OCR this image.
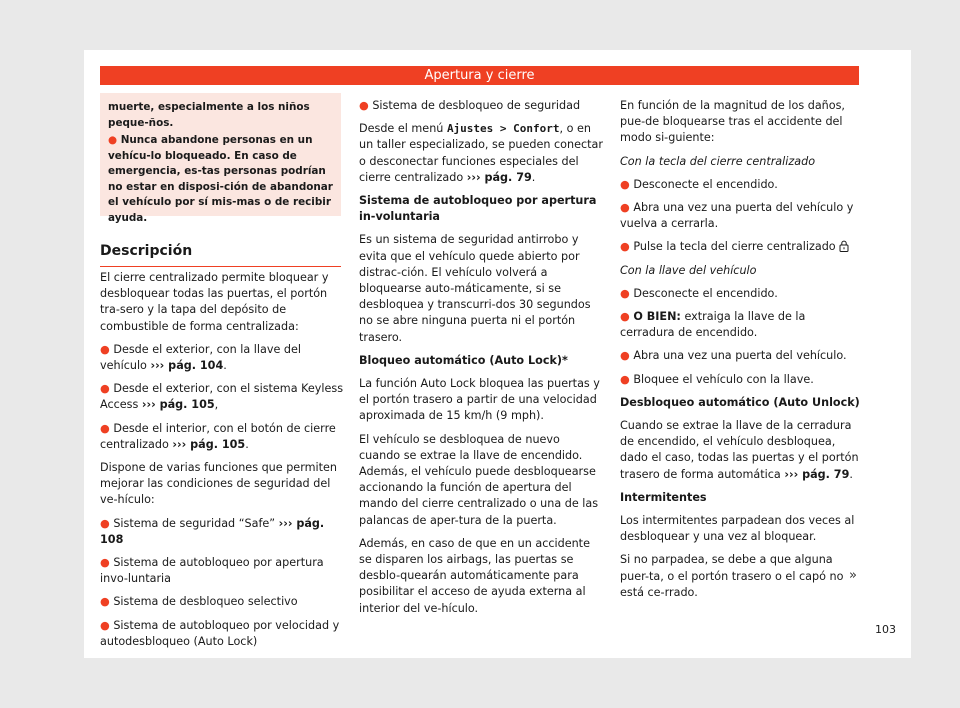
Apertura y cierre

muerte, especialmente a los niños peque-ños.

● Nunca abandone personas en un vehícu-lo bloqueado. En caso de emergencia, es-tas personas podrían no estar en disposi-ción de abandonar el vehículo por sí mis-mas o de recibir ayuda.

Descripción

El cierre centralizado permite bloquear y desbloquear todas las puertas, el portón tra-sero y la tapa del depósito de combustible de forma centralizada:

● Desde el exterior, con la llave del vehículo ››› pág. 104.

● Desde el exterior, con el sistema Keyless Access ››› pág. 105,

● Desde el interior, con el botón de cierre centralizado ››› pág. 105.

Dispone de varias funciones que permiten mejorar las condiciones de seguridad del ve-hículo:

● Sistema de seguridad “Safe” ››› pág. 108

● Sistema de autobloqueo por apertura invo-luntaria

● Sistema de desbloqueo selectivo

● Sistema de autobloqueo por velocidad y autodesbloqueo (Auto Lock)

● Sistema de desbloqueo de seguridad

Desde el menú Ajustes > Confort, o en un taller especializado, se pueden conectar o desconectar funciones especiales del cierre centralizado ››› pág. 79.

Sistema de autobloqueo por apertura in-voluntaria

Es un sistema de seguridad antirrobo y evita que el vehículo quede abierto por distrac-ción. El vehículo volverá a bloquearse auto-máticamente, si se desbloquea y transcurri-dos 30 segundos no se abre ninguna puerta ni el portón trasero.

Bloqueo automático (Auto Lock)*

La función Auto Lock bloquea las puertas y el portón trasero a partir de una velocidad aproximada de 15 km/h (9 mph).

El vehículo se desbloquea de nuevo cuando se extrae la llave de encendido. Además, el vehículo puede desbloquearse accionando la función de apertura del mando del cierre centralizado o una de las palancas de aper-tura de la puerta.

Además, en caso de que en un accidente se disparen los airbags, las puertas se desblo-quearán automáticamente para posibilitar el acceso de ayuda externa al interior del ve-hículo.

En función de la magnitud de los daños, pue-de bloquearse tras el accidente del modo si-guiente:

Con la tecla del cierre centralizado

● Desconecte el encendido.

● Abra una vez una puerta del vehículo y vuelva a cerrarla.

● Pulse la tecla del cierre centralizado

Con la llave del vehículo

● Desconecte el encendido.

● O BIEN: extraiga la llave de la cerradura de encendido.

● Abra una vez una puerta del vehículo.

● Bloquee el vehículo con la llave.

Desbloqueo automático (Auto Unlock)

Cuando se extrae la llave de la cerradura de encendido, el vehículo desbloquea, dado el caso, todas las puertas y el portón trasero de forma automática ››› pág. 79.

Intermitentes

Los intermitentes parpadean dos veces al desbloquear y una vez al bloquear.

Si no parpadea, se debe a que alguna puer-ta, o el portón trasero o el capó no está ce-rrado.

»
103
